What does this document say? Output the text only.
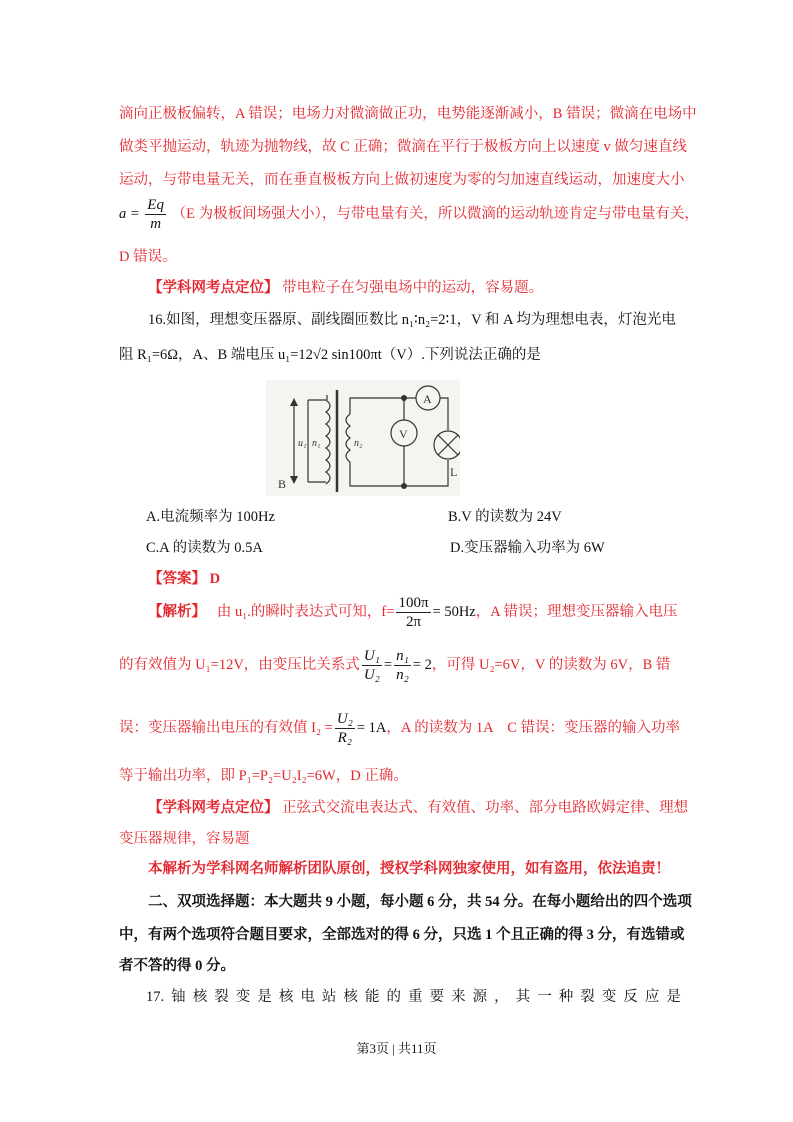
滴向正极板偏转，A 错误；电场力对微滴做正功，电势能逐渐减小，B 错误；微滴在电场中
做类平抛运动，轨迹为抛物线，故 C 正确；微滴在平行于极板方向上以速度 v 做匀速直线
运动，与带电量无关，而在垂直极板方向上做初速度为零的匀加速直线运动，加速度大小
$a = \frac{Eq}{m} (E$ 为极板间场强大小），与带电量有关，所以微滴的运动轨迹肯定与带电量有关，
D 错误。
【学科网考点定位】 带电粒子在匀强电场中的运动，容易题。
16.如图，理想变压器原、副线圈匝数比 n₁∶n₂=2∶1，V 和 A 均为理想电表，灯泡光电
阻 R₁=6Ω，A、B 端电压 u₁=12√2 sin100πt（V）.下列说法正确的是
A
V
L
B
u₁ n₁	n₂
A.电流频率为 100Hz	B.V 的读数为 24V
C.A 的读数为 0.5A	D.变压器输入功率为 6W
【答案】 D
【解析】 由 u₁.的瞬时表达式可知，$f= \frac{100\pi}{2\pi} = 50Hz$，A 错误；理想变压器输入电压
的有效值为 U₁=12V，由变压比关系式 $\frac{\text{U₁}}{\text{U₂}} = \frac{\text{n₁}}{\text{n₂}} = 2$，可得 U₂=6V，V 的读数为 6V，B 错
误：变压器输出电压的有效值 $I_2 = \frac{\text{U₂}}{\text{R₂}} = 1A$，A 的读数为 1A　C 错误：变压器的输入功率
等于输出功率，即 P₁=P₂=U₂I₂=6W，D 正确。
【学科网考点定位】 正弦式交流电表达式、有效值、功率、部分电路欧姆定律、理想
变压器规律，容易题
本解析为学科网名师解析团队原创，授权学科网独家使用，如有盗用，依法追责！
二、双项选择题：本大题共 9 小题，每小题 6 分，共 54 分。在每小题给出的四个选项
中，有两个选项符合题目要求，全部选对的得 6 分，只选 1 个且正确的得 3 分，有选错或
者不答的得 0 分。
17. 铀 核 裂 变 是 核 电 站 核 能 的 重 要 来 源 ， 其 一 种 裂 变 反 应 是
第3页 | 共11页
